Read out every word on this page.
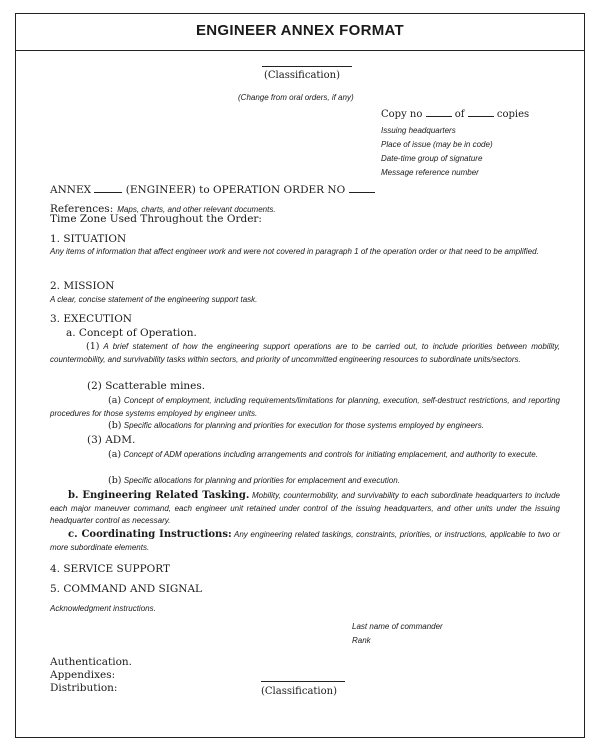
ENGINEER ANNEX FORMAT
(Classification)
(Change from oral orders, if any)
Copy no	of	copies
Issuing headquarters
Place of issue (may be in code)
Date-time group of signature
Message reference number
ANNEX	(ENGINEER) to OPERATION ORDER NO
References: Maps, charts, and other relevant documents.
Time Zone Used Throughout the Order:
1. SITUATION
Any items of information that affect engineer work and were not covered in paragraph 1 of the operation order or that need to be amplified.
2. MISSION
A clear, concise statement of the engineering support task.
3. EXECUTION
a. Concept of Operation.
(1) A brief statement of how the engineering support operations are to be carried out, to include priorities between mobility, countermobility, and survivability tasks within sectors, and priority of uncommitted engineering resources to subordinate units/sectors.
(2) Scatterable mines.
(a) Concept of employment, including requirements/limitations for planning, execution, self-destruct restrictions, and reporting procedures for those systems employed by engineer units.
(b) Specific allocations for planning and priorities for execution for those systems employed by engineers.
(3) ADM.
(a) Concept of ADM operations including arrangements and controls for initiating emplacement, and authority to execute.
(b) Specific allocations for planning and priorities for emplacement and execution.
b. Engineering Related Tasking. Mobility, countermobility, and survivability to each subordinate headquarters to include each major maneuver command, each engineer unit retained under control of the issuing headquarters, and other units under the issuing headquarter control as necessary.
c. Coordinating Instructions: Any engineering related taskings, constraints, priorities, or instructions, applicable to two or more subordinate elements.
4. SERVICE SUPPORT
5. COMMAND AND SIGNAL
Acknowledgment instructions.
Last name of commander
Rank
Authentication.
Appendixes:
Distribution:	(Classification)
